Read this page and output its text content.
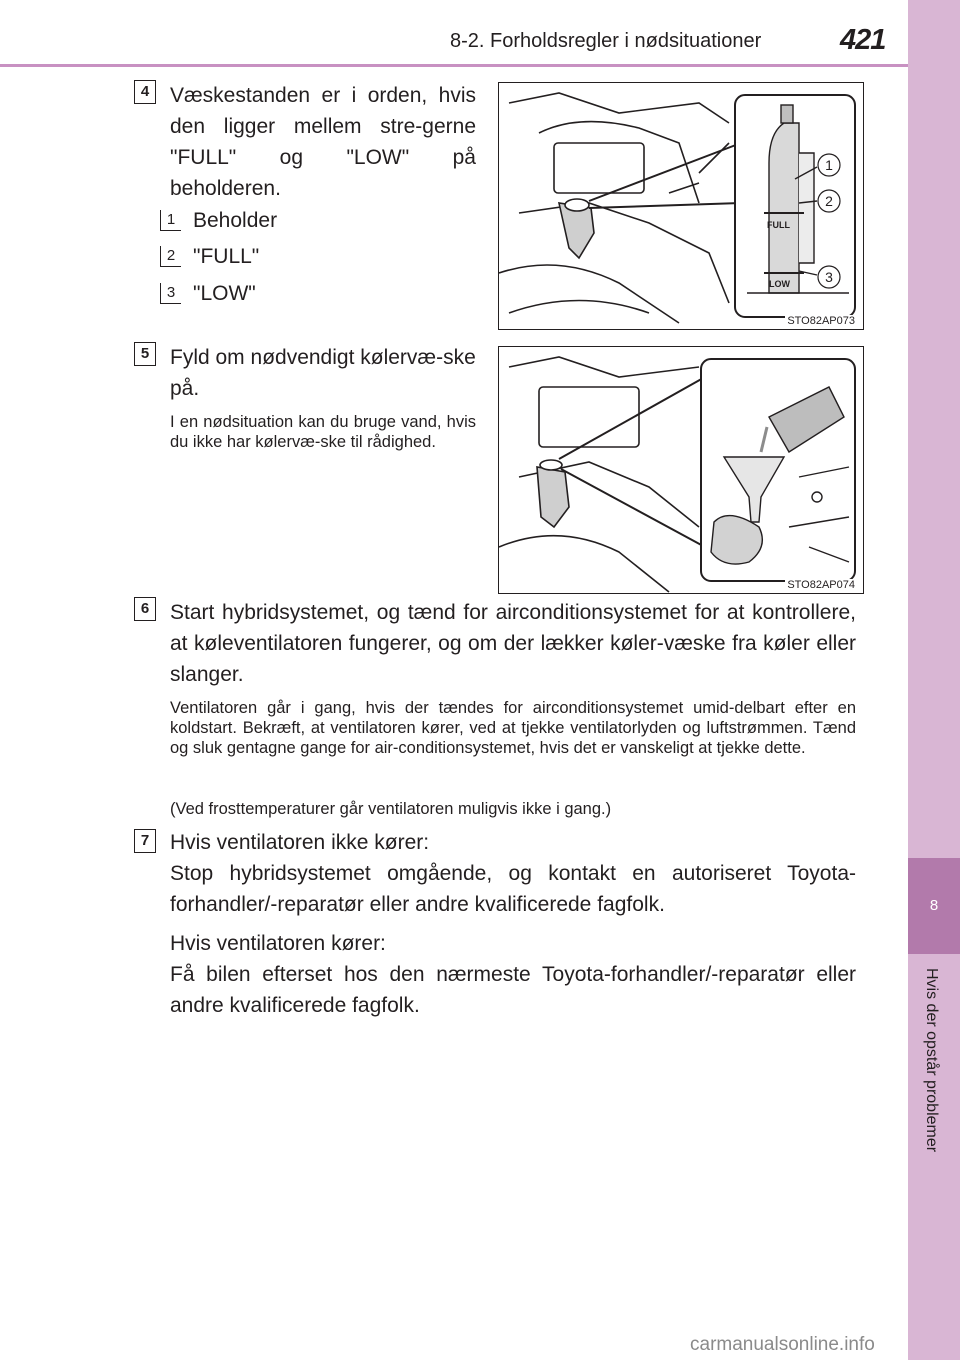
8-2. Forholdsregler i nødsituationer	421
8
Hvis der opstår problemer
4 Væskestanden er i orden, hvis den ligger mellem stre-gerne "FULL" og "LOW" på beholderen.
1 Beholder
2 "FULL"
3 "LOW"
FULL
LOW
1
2
3
STO82AP073
5 Fyld om nødvendigt kølervæ-ske på.
I en nødsituation kan du bruge vand, hvis du ikke har kølervæ-ske til rådighed.
STO82AP074
6 Start hybridsystemet, og tænd for airconditionsystemet for at kontrollere, at køleventilatoren fungerer, og om der lækker køler-væske fra køler eller slanger.
Ventilatoren går i gang, hvis der tændes for airconditionsystemet umid-delbart efter en koldstart. Bekræft, at ventilatoren kører, ved at tjekke ventilatorlyden og luftstrømmen. Tænd og sluk gentagne gange for air-conditionsystemet, hvis det er vanskeligt at tjekke dette.
(Ved frosttemperaturer går ventilatoren muligvis ikke i gang.)
7 Hvis ventilatoren ikke kører:
Stop hybridsystemet omgående, og kontakt en autoriseret Toyota-forhandler/-reparatør eller andre kvalificerede fagfolk.
Hvis ventilatoren kører:
Få bilen efterset hos den nærmeste Toyota-forhandler/-reparatør eller andre kvalificerede fagfolk.
carmanualsonline.info
